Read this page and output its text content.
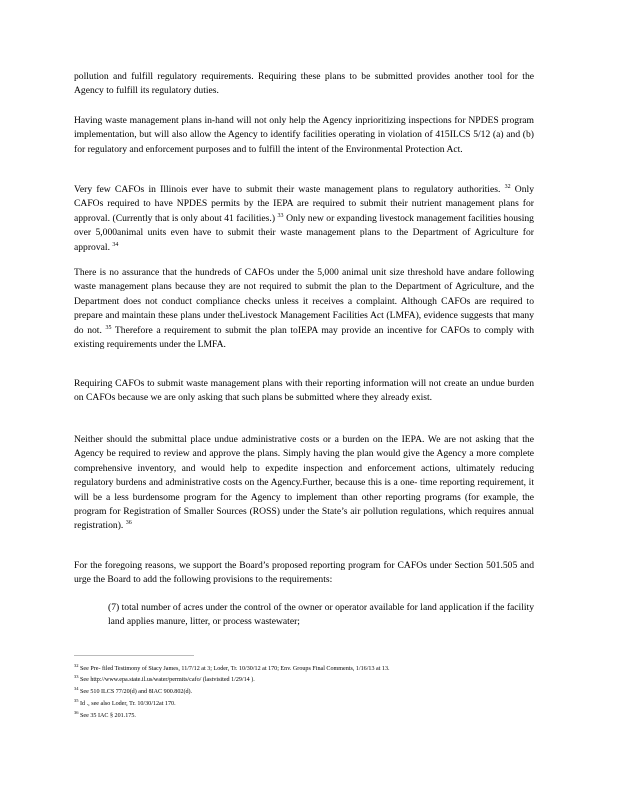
pollution and fulfill regulatory requirements. Requiring these plans to be submitted provides another tool for the Agency to fulfill its regulatory duties.

Having waste management plans in-hand will not only help the Agency inprioritizing inspections for NPDES program implementation, but will also allow the Agency to identify facilities operating in violation of 415ILCS 5/12 (a) and (b) for regulatory and enforcement purposes and to fulfill the intent of the Environmental Protection Act.

Very few CAFOs in Illinois ever have to submit their waste management plans to regulatory authorities. $^{32}$ Only CAFOs required to have NPDES permits by the IEPA are required to submit their nutrient management plans for approval. (Currently that is only about 41 facilities.) $^{33}$ Only new or expanding livestock management facilities housing over 5,000animal units even have to submit their waste management plans to the Department of Agriculture for approval. $^{34}$

There is no assurance that the hundreds of CAFOs under the 5,000 animal unit size threshold have andare following waste management plans because they are not required to submit the plan to the Department of Agriculture, and the Department does not conduct compliance checks unless it receives a complaint. Although CAFOs are required to prepare and maintain these plans under theLivestock Management Facilities Act (LMFA), evidence suggests that many do not. $^{35}$ Therefore a requirement to submit the plan toIEPA may provide an incentive for CAFOs to comply with existing requirements under the LMFA.

Requiring CAFOs to submit waste management plans with their reporting information will not create an undue burden on CAFOs because we are only asking that such plans be submitted where they already exist.

Neither should the submittal place undue administrative costs or a burden on the IEPA. We are not asking that the Agency be required to review and approve the plans. Simply having the plan would give the Agency a more complete comprehensive inventory, and would help to expedite inspection and enforcement actions, ultimately reducing regulatory burdens and administrative costs on the Agency.Further, because this is a one- time reporting requirement, it will be a less burdensome program for the Agency to implement than other reporting programs (for example, the program for Registration of Smaller Sources (ROSS) under the State’s air pollution regulations, which requires annual registration). $^{36}$

For the foregoing reasons, we support the Board’s proposed reporting program for CAFOs under Section 501.505 and urge the Board to add the following provisions to the requirements:

(7) total number of acres under the control of the owner or operator available for land application if the facility land applies manure, litter, or process wastewater;

$^{32}$ See Pre- filed Testimony of Stacy James, 11/7/12 at 3; Loder, Tr. 10/30/12 at 170; Env. Groups Final Comments, 1/16/13 at 13.

$^{33}$ See http://www.epa.state.il.us/water/permits/cafo/ (lastvisited 1/29/14 ).

$^{34}$ See 510 ILCS 77/20(d) and 8IAC 900.802(d).

$^{35}$ Id ., see also Loder, Tr. 10/30/12at 170.

$^{36}$ See 35 IAC § 201.175.
